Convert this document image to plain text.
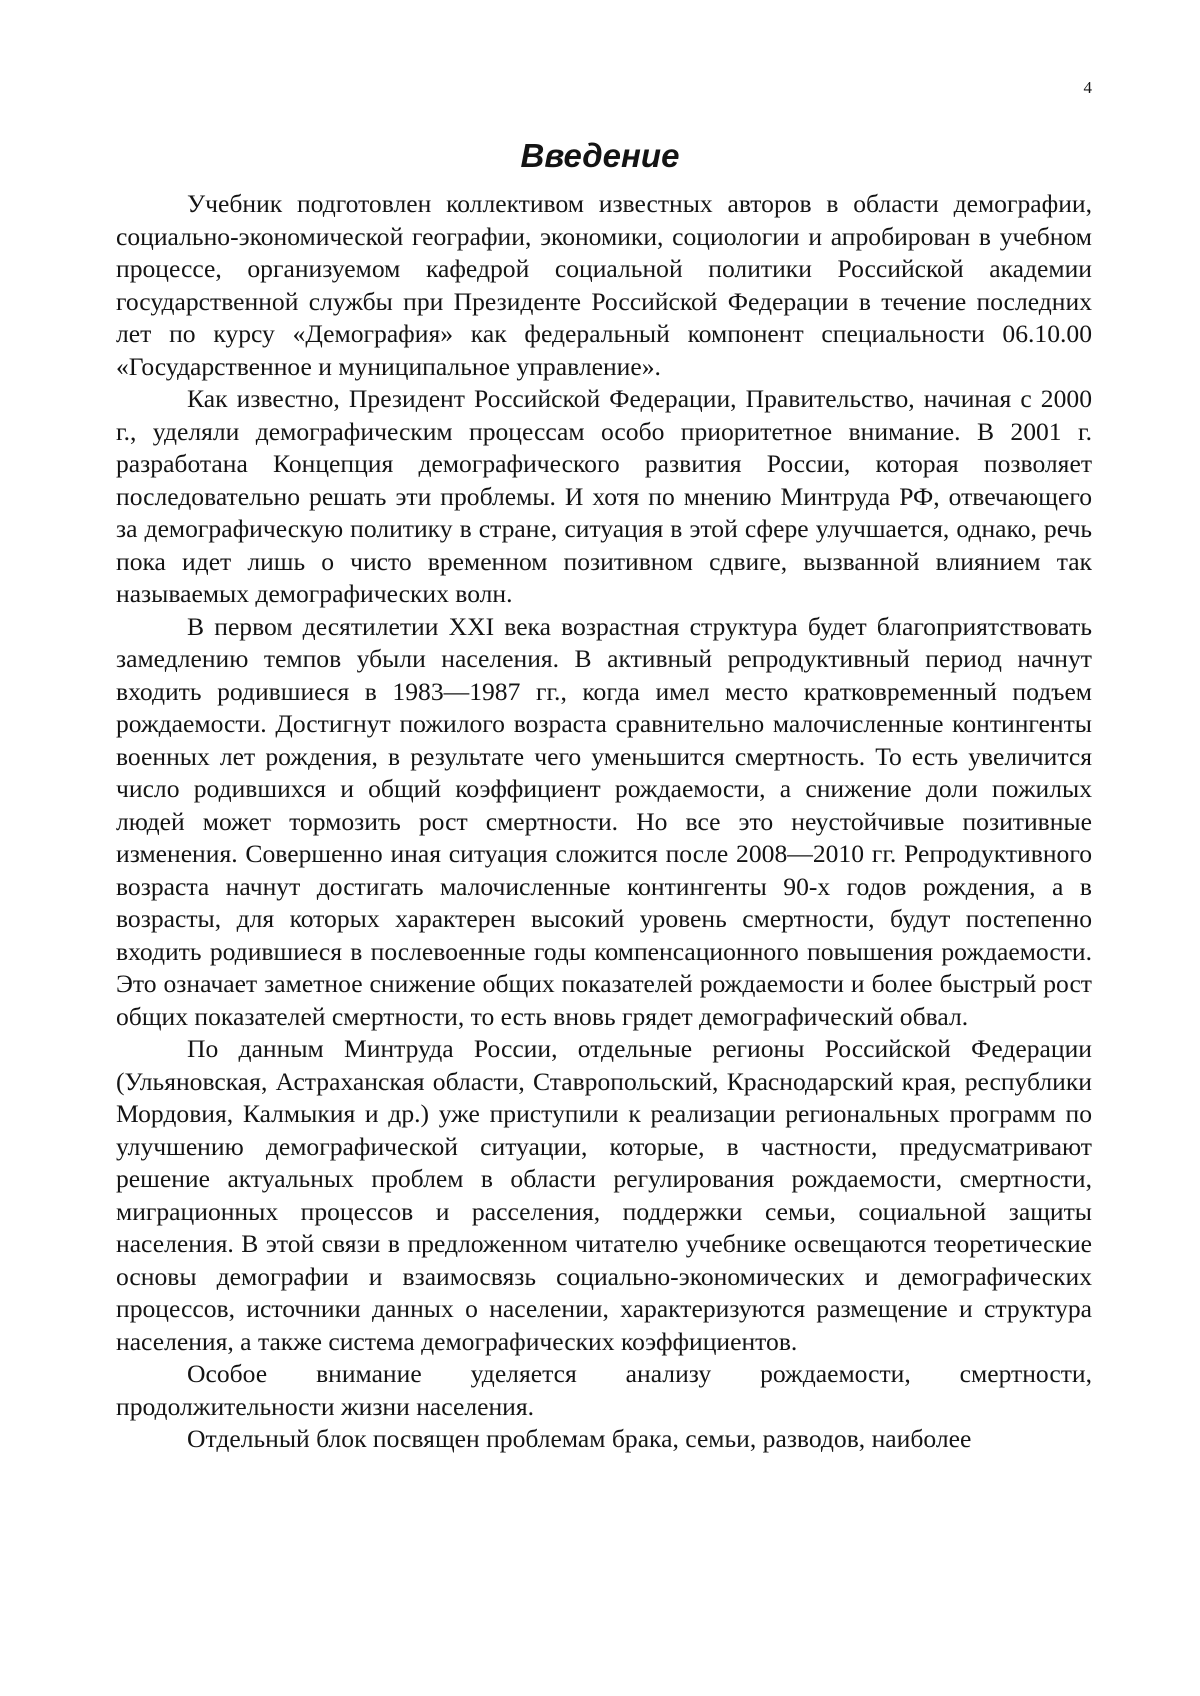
4
Введение

Учебник подготовлен коллективом известных авторов в области демографии, социально-экономической географии, экономики, социологии и апробирован в учебном процессе, организуемом кафедрой социальной политики Российской академии государственной службы при Президенте Российской Федерации в течение последних лет по курсу «Демография» как федеральный компонент специальности 06.10.00 «Государственное и муниципальное управление».

Как известно, Президент Российской Федерации, Правительство, начиная с 2000 г., уделяли демографическим процессам особо приоритетное внимание. В 2001 г. разработана Концепция демографического развития России, которая позволяет последовательно решать эти проблемы. И хотя по мнению Минтруда РФ, отвечающего за демографическую политику в стране, ситуация в этой сфере улучшается, однако, речь пока идет лишь о чисто временном позитивном сдвиге, вызванной влиянием так называемых демографических волн.

В первом десятилетии XXI века возрастная структура будет благоприятствовать замедлению темпов убыли населения. В активный репродуктивный период начнут входить родившиеся в 1983—1987 гг., когда имел место кратковременный подъем рождаемости. Достигнут пожилого возраста сравнительно малочисленные контингенты военных лет рождения, в результате чего уменьшится смертность. То есть увеличится число родившихся и общий коэффициент рождаемости, а снижение доли пожилых людей может тормозить рост смертности. Но все это неустойчивые позитивные изменения. Совершенно иная ситуация сложится после 2008—2010 гг. Репродуктивного возраста начнут достигать малочисленные контингенты 90-х годов рождения, а в возрасты, для которых характерен высокий уровень смертности, будут постепенно входить родившиеся в послевоенные годы компенсационного повышения рождаемости. Это означает заметное снижение общих показателей рождаемости и более быстрый рост общих показателей смертности, то есть вновь грядет демографический обвал.

По данным Минтруда России, отдельные регионы Российской Федерации (Ульяновская, Астраханская области, Ставропольский, Краснодарский края, республики Мордовия, Калмыкия и др.) уже приступили к реализации региональных программ по улучшению демографической ситуации, которые, в частности, предусматривают решение актуальных проблем в области регулирования рождаемости, смертности, миграционных процессов и расселения, поддержки семьи, социальной защиты населения. В этой связи в предложенном читателю учебнике освещаются теоретические основы демографии и взаимосвязь социально-экономических и демографических процессов, источники данных о населении, характеризуются размещение и структура населения, а также система демографических коэффициентов.

Особое внимание уделяется анализу рождаемости, смертности, продолжительности жизни населения.

Отдельный блок посвящен проблемам брака, семьи, разводов, наиболее
